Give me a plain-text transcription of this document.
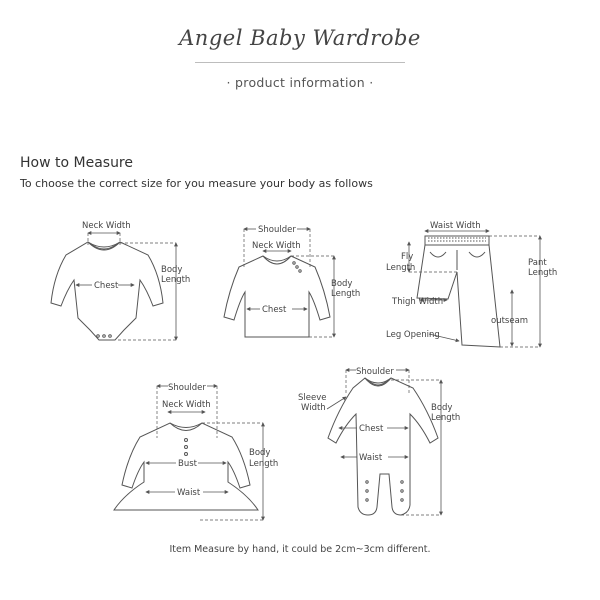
Angel Baby Wardrobe
· product information ·
How to Measure
To choose the correct size for you measure your body as follows
Neck Width
Chest
Body
Length
Shoulder
Neck Width
Chest
Body
Length
Waist Width
Fly
Length	Pant
Length
Thigh Width
outseam
Leg Opening
Shoulder
Neck Width
Bust
Waist
Body
Length
Shoulder
Sleeve
Width
Chest
Waist
Body
Length
Item Measure by hand, it could be 2cm~3cm different.
